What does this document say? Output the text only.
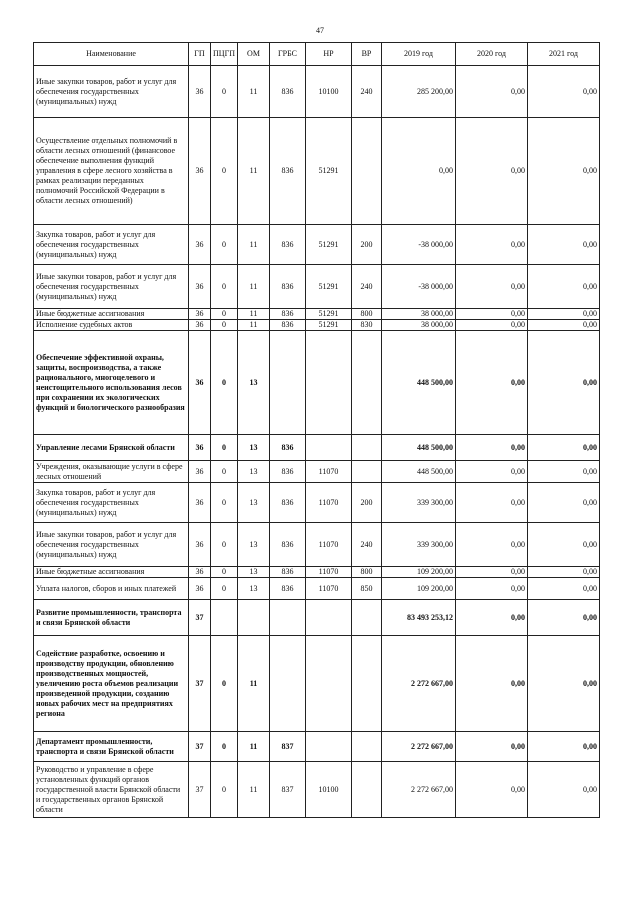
47
Наименование	ГП	ПЦГП	ОМ	ГРБС	НР	ВР	2019 год	2020 год	2021 год
Иные закупки товаров, работ и услуг для обеспечения государственных (муниципальных) нужд	36	0	11	836	10100	240	285 200,00	0,00	0,00
Осуществление отдельных полномочий в области лесных отношений (финансовое обеспечение выполнения функций управления в сфере лесного хозяйства в рамках реализации переданных полномочий Российской Федерации в области лесных отношений)	36	0	11	836	51291		0,00	0,00	0,00
Закупка товаров, работ и услуг для обеспечения государственных (муниципальных) нужд	36	0	11	836	51291	200	-38 000,00	0,00	0,00
Иные закупки товаров, работ и услуг для обеспечения государственных (муниципальных) нужд	36	0	11	836	51291	240	-38 000,00	0,00	0,00
Иные бюджетные ассигнования	36	0	11	836	51291	800	38 000,00	0,00	0,00
Исполнение судебных актов	36	0	11	836	51291	830	38 000,00	0,00	0,00
Обеспечение эффективной охраны, защиты, воспроизводства, а также рационального, многоцелевого и неистощительного использования лесов при сохранении их экологических функций и биологического разнообразия	36	0	13				448 500,00	0,00	0,00
Управление лесами Брянской области	36	0	13	836			448 500,00	0,00	0,00
Учреждения, оказывающие услуги в сфере лесных отношений	36	0	13	836	11070		448 500,00	0,00	0,00
Закупка товаров, работ и услуг для обеспечения государственных (муниципальных) нужд	36	0	13	836	11070	200	339 300,00	0,00	0,00
Иные закупки товаров, работ и услуг для обеспечения государственных (муниципальных) нужд	36	0	13	836	11070	240	339 300,00	0,00	0,00
Иные бюджетные ассигнования	36	0	13	836	11070	800	109 200,00	0,00	0,00
Уплата налогов, сборов и иных платежей	36	0	13	836	11070	850	109 200,00	0,00	0,00
Развитие промышленности, транспорта и связи Брянской области	37						83 493 253,12	0,00	0,00
Содействие разработке, освоению и производству продукции, обновлению производственных мощностей, увеличению роста объемов реализации произведенной продукции, созданию новых рабочих мест на предприятиях региона	37	0	11				2 272 667,00	0,00	0,00
Департамент промышленности, транспорта и связи Брянской области	37	0	11	837			2 272 667,00	0,00	0,00
Руководство и управление в сфере установленных функций органов государственной власти Брянской области и государственных органов Брянской области	37	0	11	837	10100		2 272 667,00	0,00	0,00
